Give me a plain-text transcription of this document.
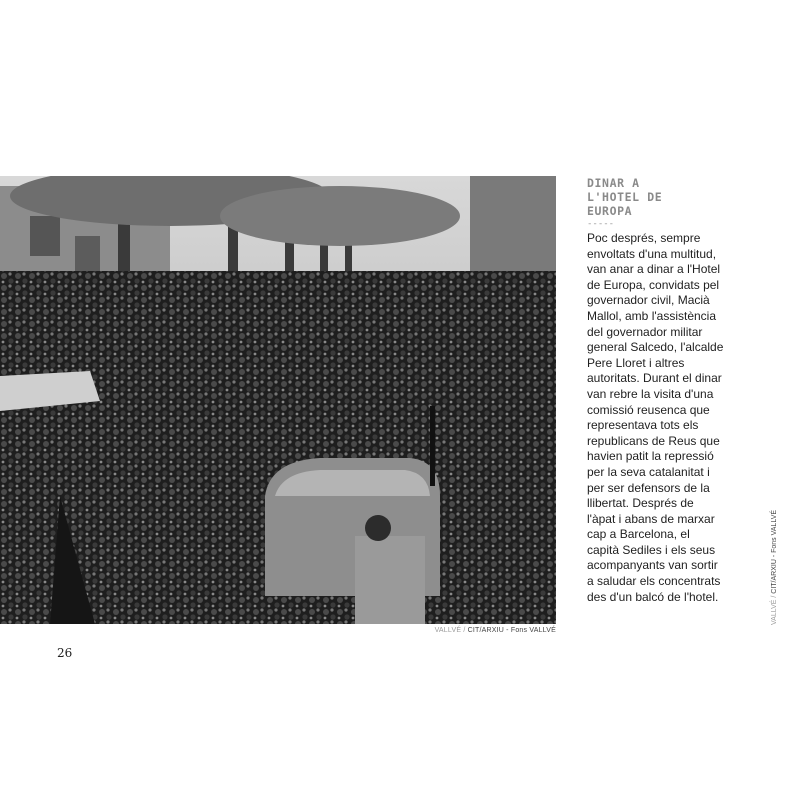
VALLVÉ / CIT/ARXIU - Fons VALLVÉ
26
DINAR A L'HOTEL DE EUROPA
-----

Poc després, sempre envoltats d'una multitud, van anar a dinar a l'Hotel de Europa, convidats pel governador civil, Macià Mallol, amb l'assistència del governador militar general Salcedo, l'alcalde Pere Lloret i altres autoritats. Durant el dinar van rebre la visita d'una comissió reusenca que representava tots els republicans de Reus que havien patit la repressió per la seva catalanitat i per ser defensors de la llibertat. Després de l'àpat i abans de marxar cap a Barcelona, el capità Sediles i els seus acompanyants van sortir a saludar els concentrats des d'un balcó de l'hotel.	VALLVÉ / CIT/ARXIU - Fons VALLVÉ
